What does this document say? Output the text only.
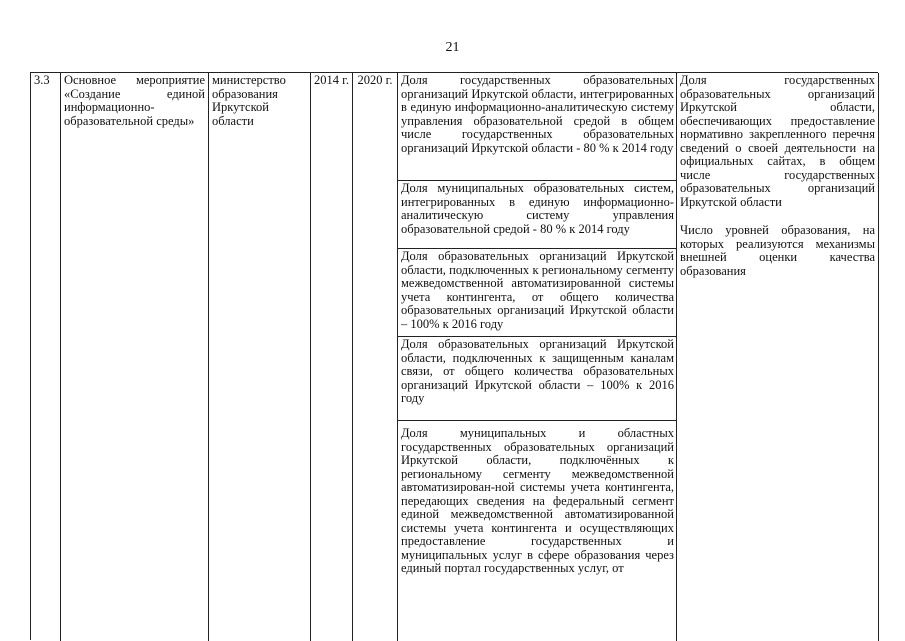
21
3.3	Основное мероприятие «Создание единой информационно-образовательной среды»
министерство образования Иркутской области
2014 г. 2020 г. Доля государственных образовательных организаций Иркутской области, интегрированных в единую информационно-аналитическую систему управления образовательной средой в общем числе государственных образовательных организаций Иркутской области - 80 % к 2014 году
Доля муниципальных образовательных систем, интегрированных в единую информационно-аналитическую систему управления образовательной средой - 80 % к 2014 году
Доля образовательных организаций Иркутской области, подключенных к региональному сегменту межведомственной автоматизированной системы учета контингента, от общего количества образовательных организаций Иркутской области – 100% к 2016 году
Доля образовательных организаций Иркутской области, подключенных к защищенным каналам связи, от общего количества образовательных организаций Иркутской области – 100% к 2016 году
Доля муниципальных и областных государственных образовательных организаций Иркутской области, подключённых к региональному сегменту межведомственной автоматизирован-ной системы учета контингента, передающих сведения на федеральный сегмент единой межведомственной автоматизированной системы учета контингента и осуществляющих предоставление государственных и муниципальных услуг в сфере образования через единый портал государственных услуг, от
Доля государственных образовательных организаций Иркутской области, обеспечивающих предоставление нормативно закрепленного перечня сведений о своей деятельности на официальных сайтах, в общем числе государственных образовательных организаций Иркутской области
Число уровней образования, на которых реализуются механизмы внешней оценки качества образования
